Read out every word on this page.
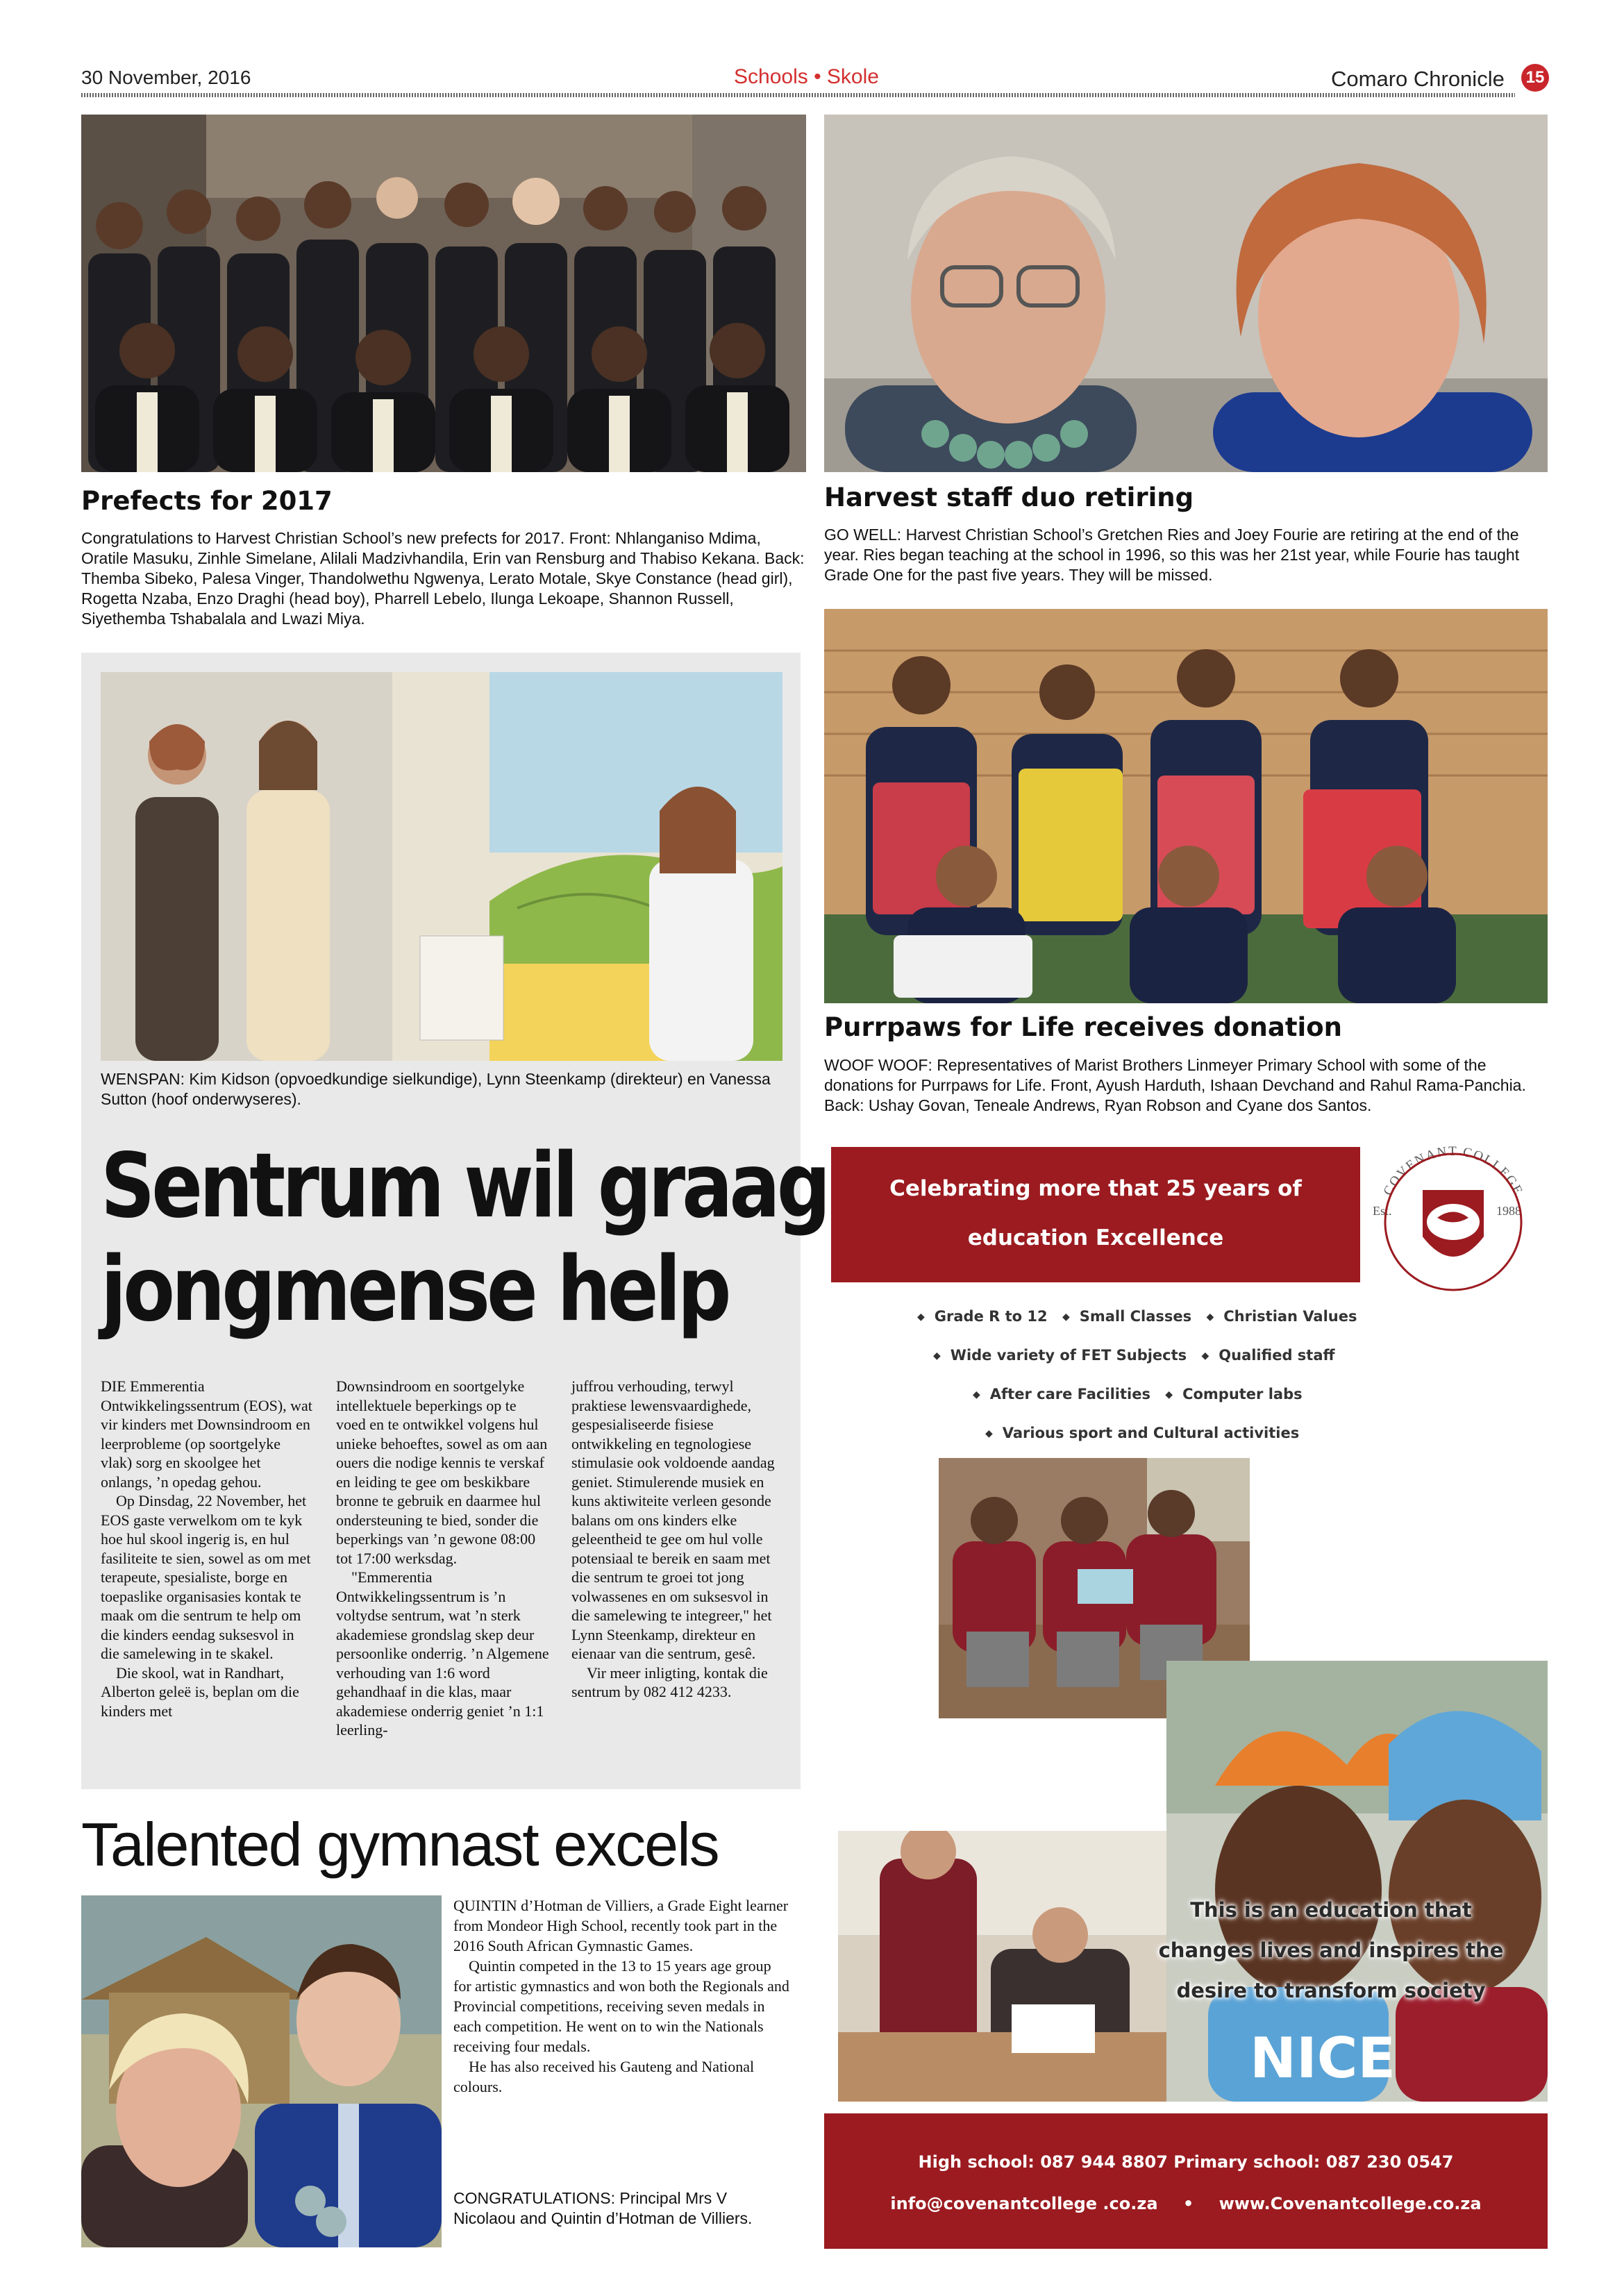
30 November, 2016	Schools • Skole	Comaro Chronicle 15
Prefects for 2017
Congratulations to Harvest Christian School’s new prefects for 2017. Front: Nhlanganiso Mdima, Oratile Masuku, Zinhle Simelane, Alilali Madzivhandila, Erin van Rensburg and Thabiso Kekana. Back: Themba Sibeko, Palesa Vinger, Thandolwethu Ngwenya, Lerato Motale, Skye Constance (head girl), Rogetta Nzaba, Enzo Draghi (head boy), Pharrell Lebelo, Ilunga Lekoape, Shannon Russell, Siyethemba Tshabalala and Lwazi Miya.
Harvest staff duo retiring
GO WELL: Harvest Christian School’s Gretchen Ries and Joey Fourie are retiring at the end of the year. Ries began teaching at the school in 1996, so this was her 21st year, while Fourie has taught Grade One for the past five years. They will be missed.
Purrpaws for Life receives donation
WOOF WOOF: Representatives of Marist Brothers Linmeyer Primary School with some of the donations for Purrpaws for Life. Front, Ayush Harduth, Ishaan Devchand and Rahul Rama-Panchia. Back: Ushay Govan, Teneale Andrews, Ryan Robson and Cyane dos Santos.
WENSPAN: Kim Kidson (opvoedkundige sielkundige), Lynn Steenkamp (direkteur) en Vanessa Sutton (hoof onderwyseres).
Sentrum wil graag
jongmense help

DIE Emmerentia Ontwikkelingssentrum (EOS), wat vir kinders met Downsindroom en leerprobleme (op soortgelyke vlak) sorg en skoolgee het onlangs, ’n opedag gehou.

Op Dinsdag, 22 November, het EOS gaste verwelkom om te kyk hoe hul skool ingerig is, en hul fasiliteite te sien, sowel as om met terapeute, spesialiste, borge en toepaslike organisasies kontak te maak om die sentrum te help om die kinders eendag suksesvol in die samelewing in te skakel.

Die skool, wat in Randhart, Alberton geleë is, beplan om die kinders met

Downsindroom en soortgelyke intellektuele beperkings op te voed en te ontwikkel volgens hul unieke behoeftes, sowel as om aan ouers die nodige kennis te verskaf en leiding te gee om beskikbare bronne te gebruik en daarmee hul ondersteuning te bied, sonder die beperkings van ’n gewone 08:00 tot 17:00 werksdag.

"Emmerentia Ontwikkelingssentrum is ’n voltydse sentrum, wat ’n sterk akademiese grondslag skep deur persoonlike onderrig. ’n Algemene verhouding van 1:6 word gehandhaaf in die klas, maar akademiese onderrig geniet ’n 1:1 leerling-

juffrou verhouding, terwyl praktiese lewensvaardighede, gespesialiseerde fisiese ontwikkeling en tegnologiese stimulasie ook voldoende aandag geniet. Stimulerende musiek en kuns aktiwiteite verleen gesonde balans om ons kinders elke geleentheid te gee om hul volle potensiaal te bereik en saam met die sentrum te groei tot jong volwassenes en om suksesvol in die samelewing te integreer," het Lynn Steenkamp, direkteur en eienaar van die sentrum, gesê.

Vir meer inligting, kontak die sentrum by 082 412 4233.

Talented gymnast excels

QUINTIN d’Hotman de Villiers, a Grade Eight learner from Mondeor High School, recently took part in the 2016 South African Gymnastic Games.

Quintin competed in the 13 to 15 years age group for artistic gymnastics and won both the Regionals and Provincial competitions, receiving seven medals in each competition. He went on to win the Nationals receiving four medals.

He has also received his Gauteng and National colours.

CONGRATULATIONS: Principal Mrs V Nicolaou and Quintin d’Hotman de Villiers.
Celebrating more that 25 years of
education Excellence
COVENANT COLLEGE
Est.	1988
◆ Grade R to 12 ◆ Small Classes ◆ Christian Values
◆ Wide variety of FET Subjects ◆ Qualified staff
◆ After care Facilities ◆ Computer labs
◆ Various sport and Cultural activities
NICE
This is an education that
changes lives and inspires the
desire to transform society
High school: 087 944 8807 Primary school: 087 230 0547
info@covenantcollege .co.za • www.Covenantcollege.co.za
